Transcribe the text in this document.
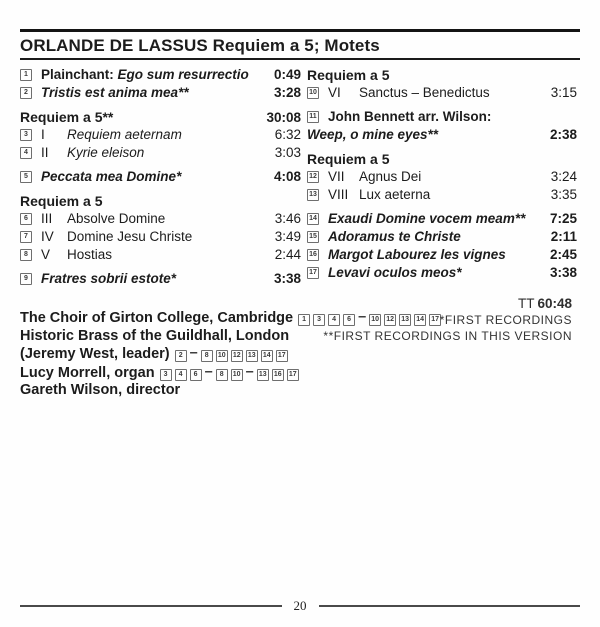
ORLANDE DE LASSUS Requiem a 5; Motets
1 Plainchant: Ego sum resurrectio	0:49
2 Tristis est anima mea**	3:28
Requiem a 5**	30:08
3 I	Requiem aeternam	6:32
4 II	Kyrie eleison	3:03
5 Peccata mea Domine*	4:08
Requiem a 5
6 III	Absolve Domine	3:46
7 IV Domine Jesu Christe	3:49
8 V	Hostias	2:44
9 Fratres sobrii estote*	3:38
Requiem a 5
10 VI	Sanctus – Benedictus	3:15
11 John Bennett arr. Wilson:
Weep, o mine eyes**	2:38
Requiem a 5
12 VII	Agnus Dei	3:24
13 VIII Lux aeterna	3:35
14 Exaudi Domine vocem meam**	7:25
15 Adoramus te Christe	2:11
16 Margot Labourez les vignes	2:45
17 Levavi oculos meos*	3:38
TT 60:48
*FIRST RECORDINGS
**FIRST RECORDINGS IN THIS VERSION
The Choir of Girton College, Cambridge 1 3 4 6 – 10 12 13 14 17
Historic Brass of the Guildhall, London
(Jeremy West, leader) 2 – 8 10 12 13 14 17
Lucy Morrell, organ 3 4 6 – 8 10 – 13 16 17
Gareth Wilson, director
20
